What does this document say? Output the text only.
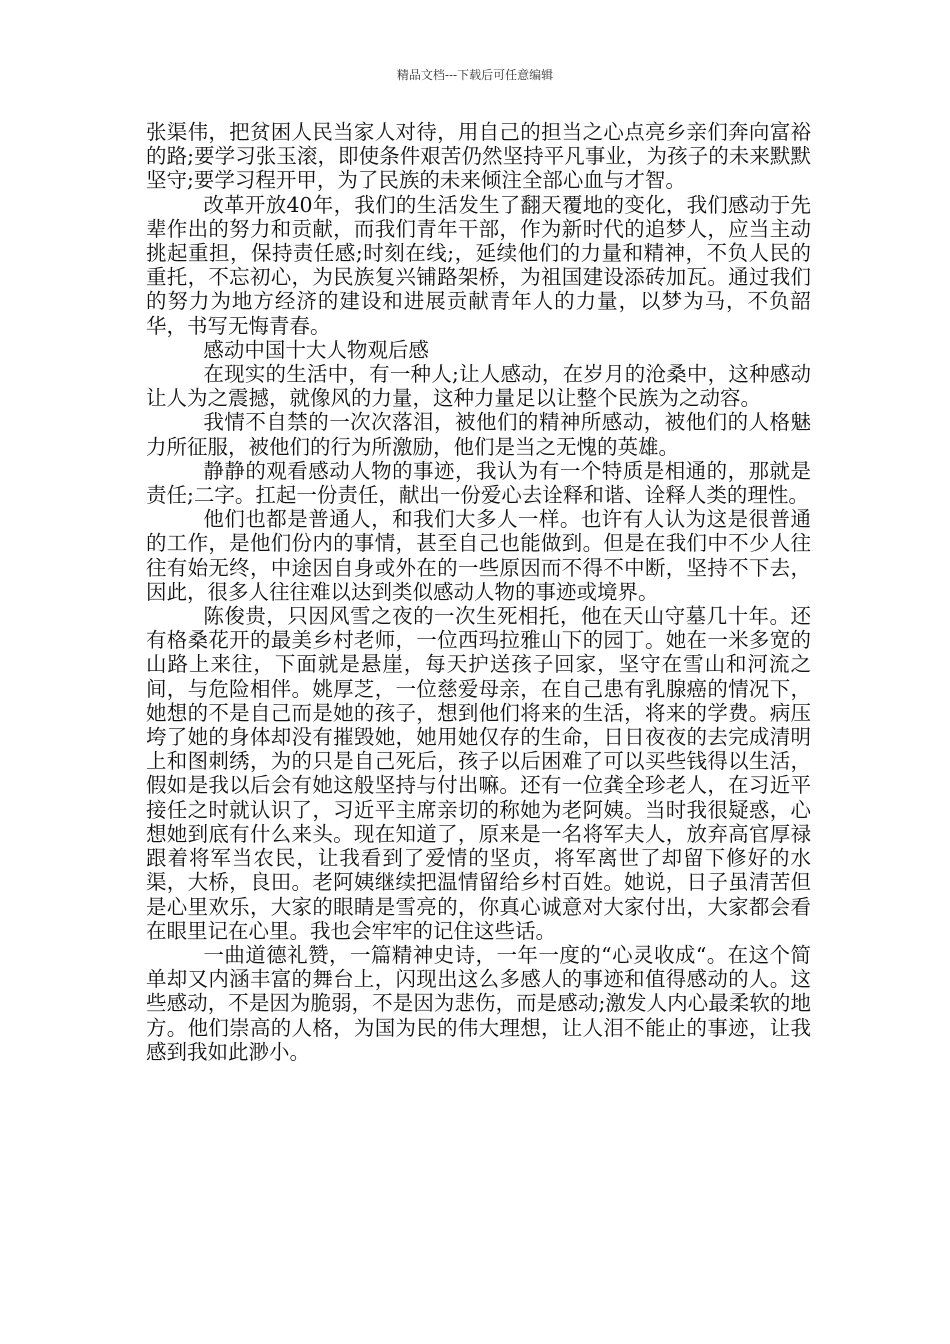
精品文档---下载后可任意编辑

张渠伟，把贫困人民当家人对待，用自己的担当之心点亮乡亲们奔向富裕的路;要学习张玉滚，即使条件艰苦仍然坚持平凡事业，为孩子的未来默默坚守;要学习程开甲，为了民族的未来倾注全部心血与才智。

改革开放40年，我们的生活发生了翻天覆地的变化，我们感动于先辈作出的努力和贡献，而我们青年干部，作为新时代的追梦人，应当主动挑起重担，保持责任感;时刻在线;，延续他们的力量和精神，不负人民的重托，不忘初心，为民族复兴铺路架桥，为祖国建设添砖加瓦。通过我们的努力为地方经济的建设和进展贡献青年人的力量，以梦为马，不负韶华，书写无悔青春。

感动中国十大人物观后感

在现实的生活中，有一种人;让人感动，在岁月的沧桑中，这种感动让人为之震撼，就像风的力量，这种力量足以让整个民族为之动容。

我情不自禁的一次次落泪，被他们的精神所感动，被他们的人格魅力所征服，被他们的行为所激励，他们是当之无愧的英雄。

静静的观看感动人物的事迹，我认为有一个特质是相通的，那就是责任;二字。扛起一份责任，献出一份爱心去诠释和谐、诠释人类的理性。

他们也都是普通人，和我们大多人一样。也许有人认为这是很普通的工作，是他们份内的事情，甚至自己也能做到。但是在我们中不少人往往有始无终，中途因自身或外在的一些原因而不得不中断，坚持不下去，因此，很多人往往难以达到类似感动人物的事迹或境界。

陈俊贵，只因风雪之夜的一次生死相托，他在天山守墓几十年。还有格桑花开的最美乡村老师，一位西玛拉雅山下的园丁。她在一米多宽的山路上来往，下面就是悬崖，每天护送孩子回家，坚守在雪山和河流之间，与危险相伴。姚厚芝，一位慈爱母亲，在自己患有乳腺癌的情况下，她想的不是自己而是她的孩子，想到他们将来的生活，将来的学费。病压垮了她的身体却没有摧毁她，她用她仅存的生命，日日夜夜的去完成清明上和图刺绣，为的只是自己死后，孩子以后困难了可以买些钱得以生活，假如是我以后会有她这般坚持与付出嘛。还有一位龚全珍老人，在习近平接任之时就认识了，习近平主席亲切的称她为老阿姨。当时我很疑惑，心想她到底有什么来头。现在知道了，原来是一名将军夫人，放弃高官厚禄跟着将军当农民，让我看到了爱情的坚贞，将军离世了却留下修好的水渠，大桥，良田。老阿姨继续把温情留给乡村百姓。她说，日子虽清苦但是心里欢乐，大家的眼睛是雪亮的，你真心诚意对大家付出，大家都会看在眼里记在心里。我也会牢牢的记住这些话。

一曲道德礼赞，一篇精神史诗，一年一度的“心灵收成“。在这个简单却又内涵丰富的舞台上，闪现出这么多感人的事迹和值得感动的人。这些感动，不是因为脆弱，不是因为悲伤，而是感动;激发人内心最柔软的地方。他们崇高的人格，为国为民的伟大理想，让人泪不能止的事迹，让我感到我如此渺小。
